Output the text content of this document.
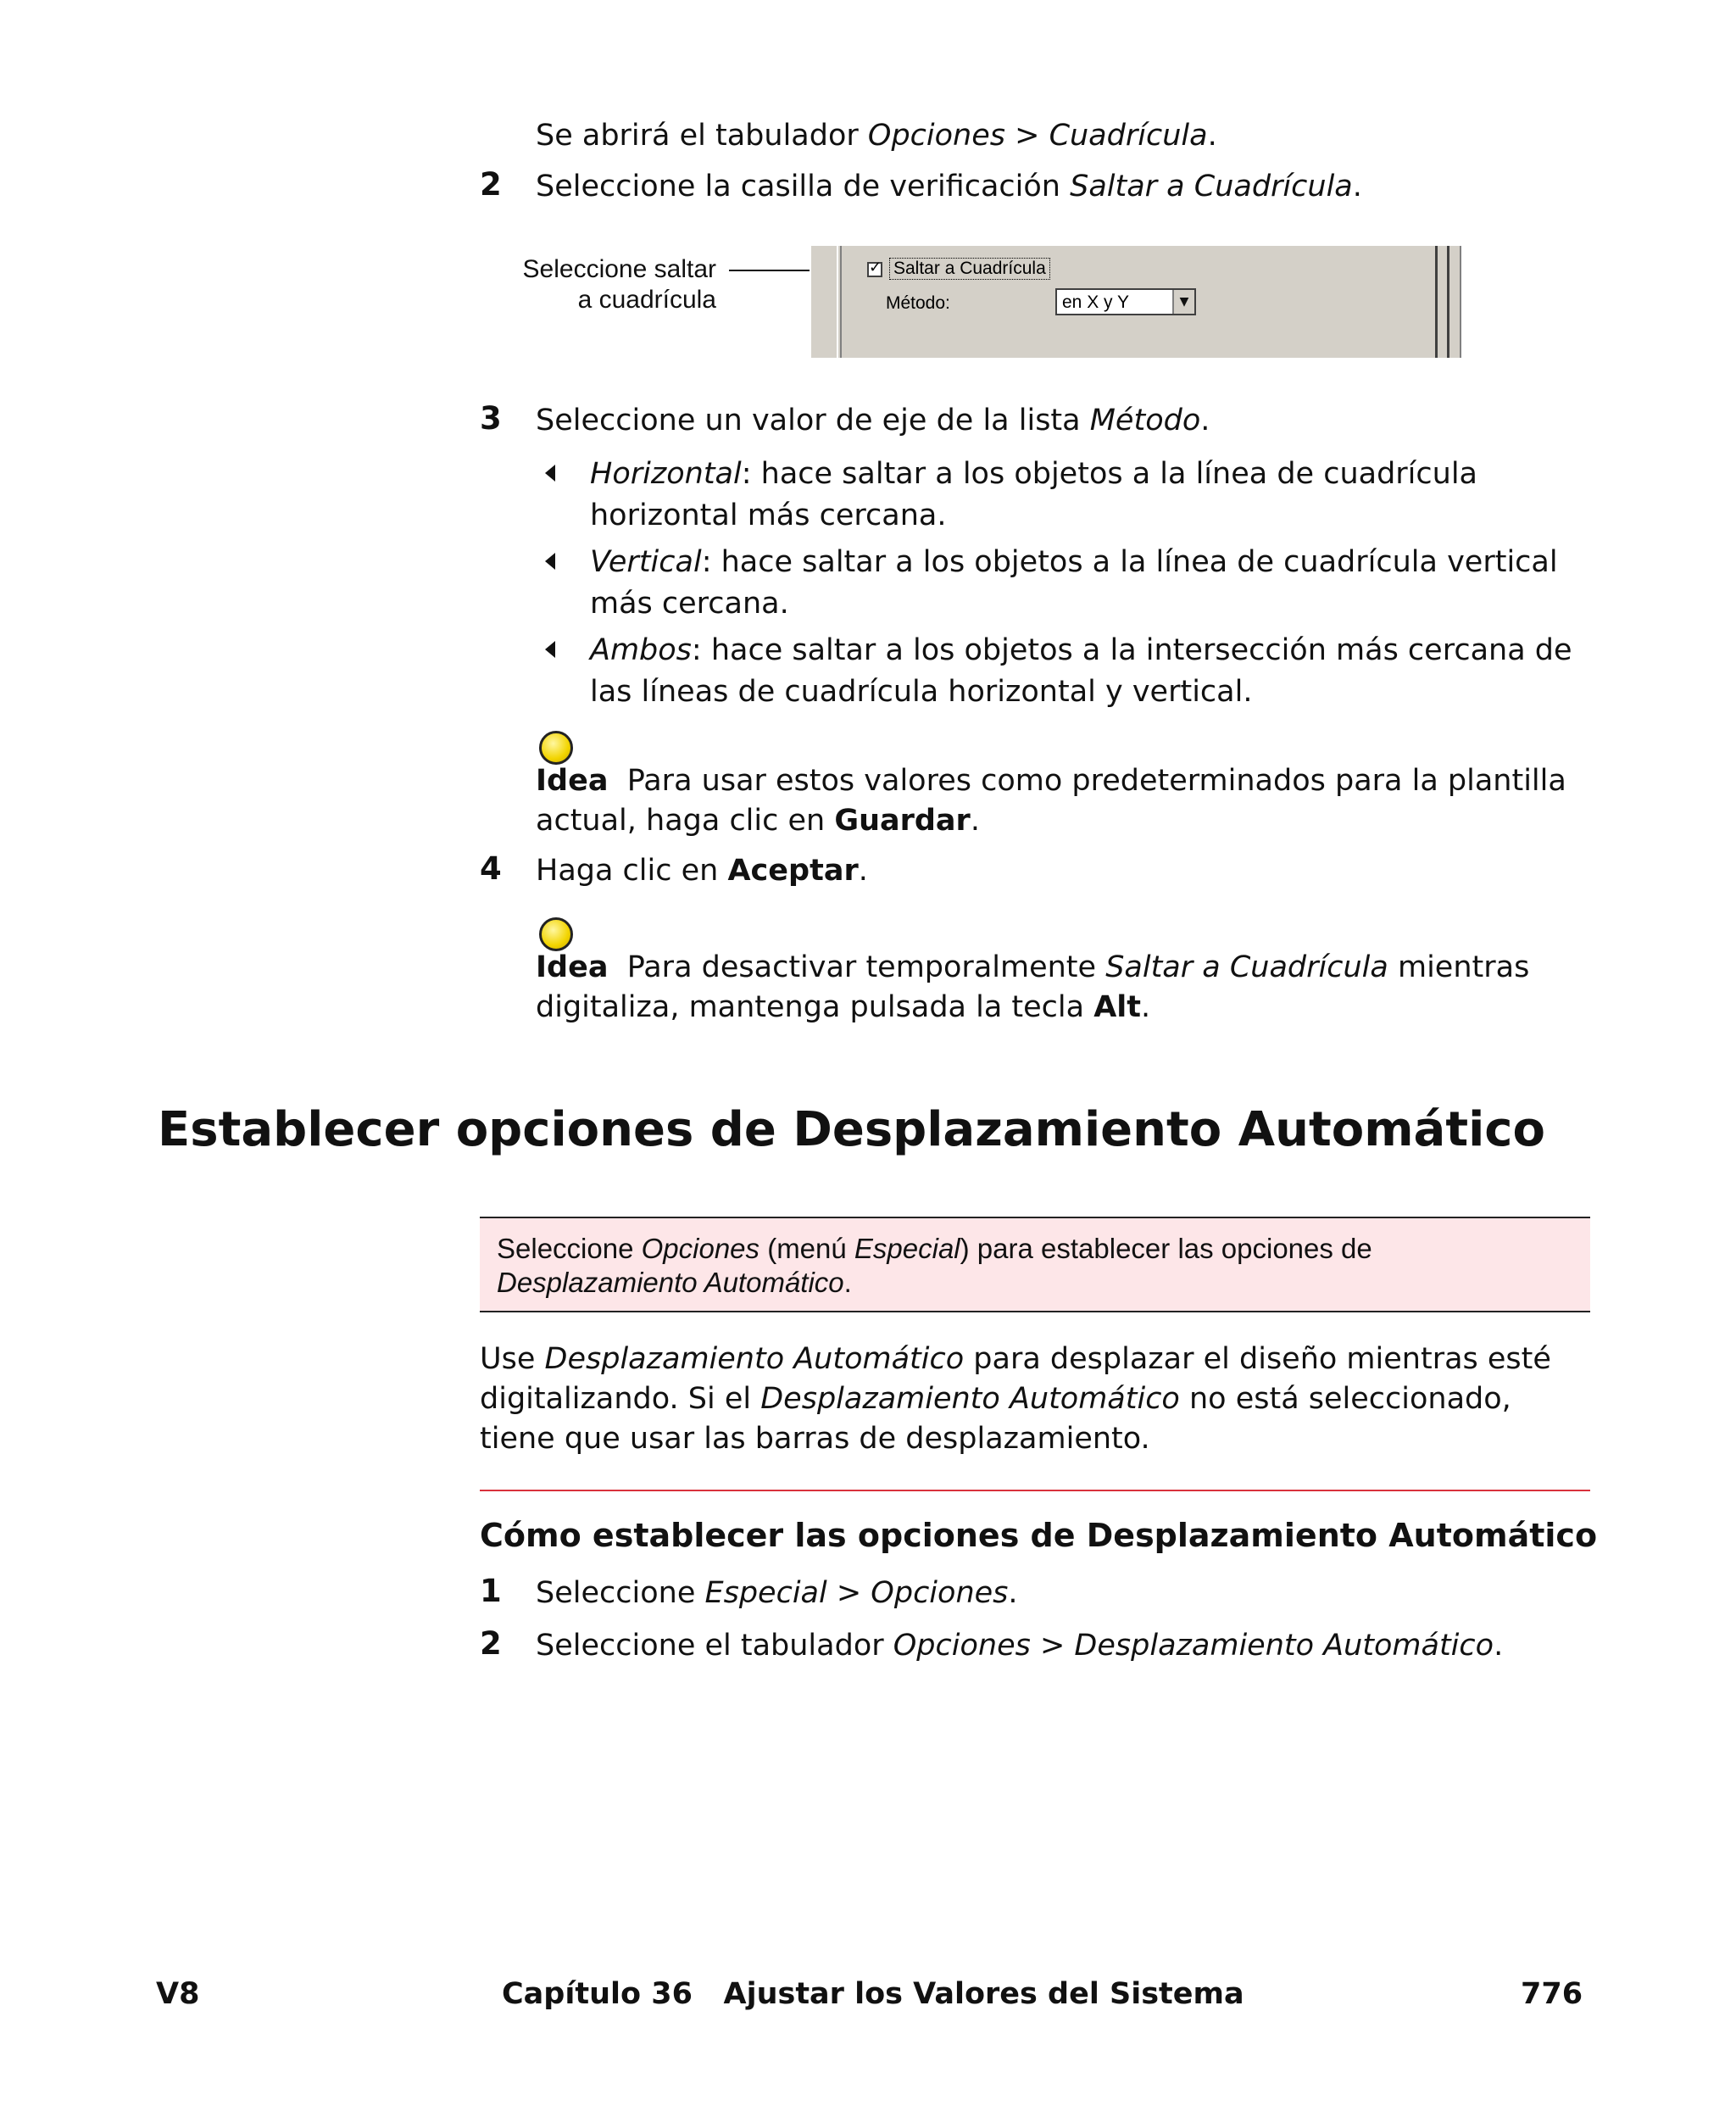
Se abrirá el tabulador Opciones > Cuadrícula.
2 Seleccione la casilla de verificación Saltar a Cuadrícula.
Seleccione saltar
a cuadrícula
✓ Saltar a Cuadrícula
Método:	en X y Y	▼
3 Seleccione un valor de eje de la lista Método.
Horizontal: hace saltar a los objetos a la línea de cuadrícula
horizontal más cercana.
Vertical: hace saltar a los objetos a la línea de cuadrícula vertical
más cercana.
Ambos: hace saltar a los objetos a la intersección más cercana de
las líneas de cuadrícula horizontal y vertical.
Idea Para usar estos valores como predeterminados para la plantilla
actual, haga clic en Guardar.
4 Haga clic en Aceptar.
Idea Para desactivar temporalmente Saltar a Cuadrícula mientras
digitaliza, mantenga pulsada la tecla Alt.
Establecer opciones de Desplazamiento Automático
Seleccione Opciones (menú Especial) para establecer las opciones de
Desplazamiento Automático.
Use Desplazamiento Automático para desplazar el diseño mientras esté
digitalizando. Si el Desplazamiento Automático no está seleccionado,
tiene que usar las barras de desplazamiento.
Cómo establecer las opciones de Desplazamiento Automático
1 Seleccione Especial > Opciones.
2 Seleccione el tabulador Opciones > Desplazamiento Automático.
V8	Capítulo 36   Ajustar los Valores del Sistema	776
